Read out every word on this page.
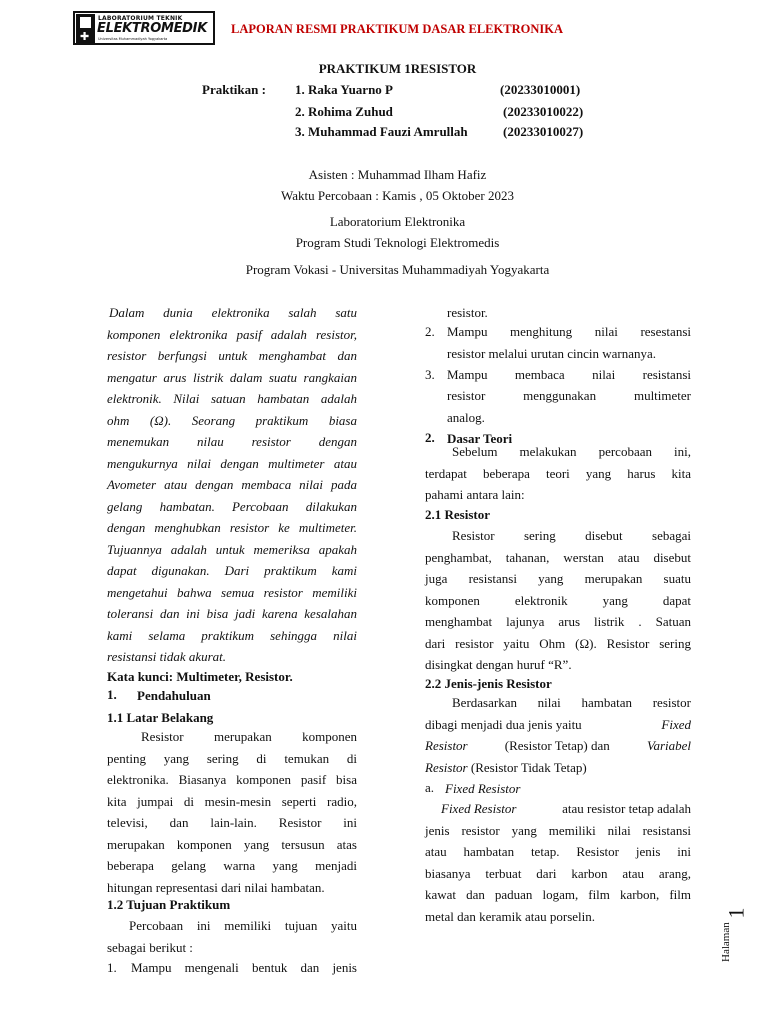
✚
LABORATORIUM TEKNIK
ELEKTROMEDIK
Universitas Muhammadiyah Yogyakarta
LAPORAN RESMI PRAKTIKUM DASAR ELEKTRONIKA
PRAKTIKUM 1RESISTOR
Praktikan : 1. Raka Yuarno P	(20233010001)
2. Rohima Zuhud	(20233010022)
3. Muhammad Fauzi Amrullah	(20233010027)
Asisten : Muhammad Ilham Hafiz
Waktu Percobaan : Kamis , 05 Oktober 2023
Laboratorium Elektronika
Program Studi Teknologi Elektromedis
Program Vokasi - Universitas Muhammadiyah Yogyakarta
Dalam dunia elektronika salah satu
komponen elektronika pasif adalah resistor,
resistor berfungsi untuk menghambat dan
mengatur arus listrik dalam suatu rangkaian
elektronik. Nilai satuan hambatan adalah
ohm (Ω). Seorang praktikum biasa
menemukan nilau resistor dengan
mengukurnya nilai dengan multimeter atau
Avometer atau dengan membaca nilai pada
gelang hambatan. Percobaan dilakukan
dengan menghubkan resistor ke multimeter.
Tujuannya adalah untuk memeriksa apakah
dapat digunakan. Dari praktikum kami
mengetahui bahwa semua resistor memiliki
toleransi dan ini bisa jadi karena kesalahan
kami selama praktikum sehingga nilai
resistansi tidak akurat.
Kata kunci: Multimeter, Resistor.
1. Pendahuluan
1.1 Latar Belakang
Resistor merupakan komponen
penting yang sering di temukan di
elektronika. Biasanya komponen pasif bisa
kita jumpai di mesin-mesin seperti radio,
televisi, dan lain-lain. Resistor ini
merupakan komponen yang tersusun atas
beberapa gelang warna yang menjadi
hitungan representasi dari nilai hambatan.
1.2 Tujuan Praktikum
Percobaan ini memiliki tujuan yaitu
sebagai berikut :
1. Mampu mengenali bentuk dan jenis
resistor.
2. Mampu menghitung nilai resestansi
resistor melalui urutan cincin warnanya.
3. Mampu membaca nilai resistansi
resistor menggunakan multimeter
analog.
2. Dasar Teori
Sebelum melakukan percobaan ini,
terdapat beberapa teori yang harus kita
pahami antara lain:
2.1 Resistor
Resistor sering disebut sebagai
penghambat, tahanan, werstan atau disebut
juga resistansi yang merupakan suatu
komponen elektronik yang dapat
menghambat lajunya arus listrik . Satuan
dari resistor yaitu Ohm (Ω). Resistor sering
disingkat dengan huruf “R”.
2.2 Jenis-jenis Resistor
Berdasarkan nilai hambatan resistor
dibagi menjadi dua jenis yaitu	Fixed
Resistor	(Resistor Tetap) dan	Variabel
Resistor (Resistor Tidak Tetap)
a. Fixed Resistor
Fixed Resistor	atau resistor tetap adalah
jenis resistor yang memiliki nilai resistansi
atau hambatan tetap. Resistor jenis ini
biasanya terbuat dari karbon atau arang,
kawat dan paduan logam, film karbon, film
metal dan keramik atau porselin.	1
Halaman
